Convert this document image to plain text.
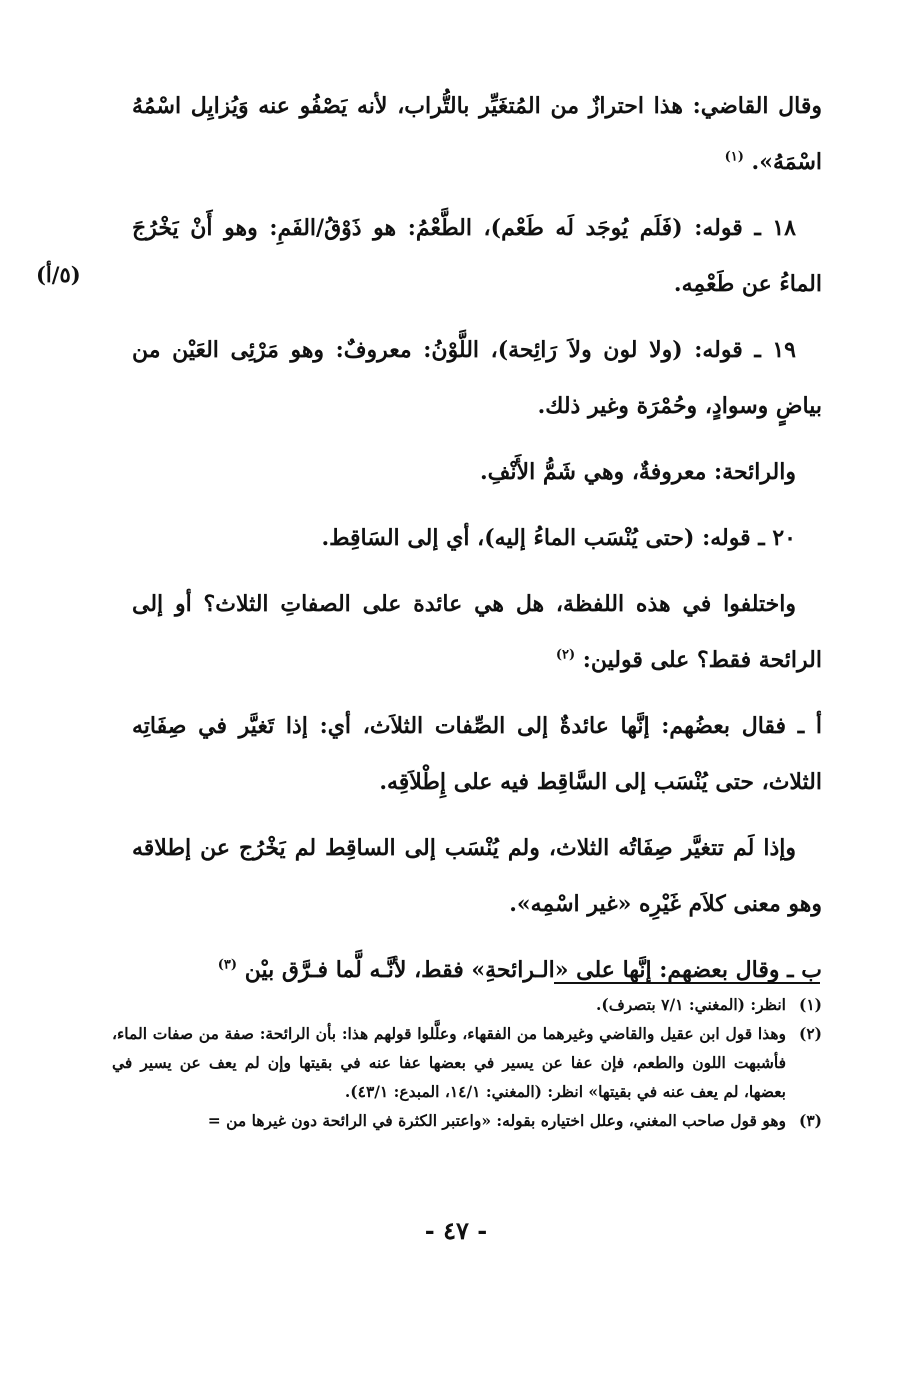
(٥/أ)

وقال القاضي: هذا احترازٌ من المُتغَيِّر بالتُّراب، لأنه يَصْفُو عنه وَيُزايِل اسْمُهُ اسْمَهُ». $^{(١)}$

١٨ ـ قوله: (فَلَم يُوجَد لَه طَعْم)، الطَّعْمُ: هو ذَوْقُ/الفَمِ: وهو أَنْ يَخْرُجَ الماءُ عن طَعْمِه.

١٩ ـ قوله: (ولا لون ولاَ رَائِحة)، اللَّوْنُ: معروفٌ: وهو مَرْئِى العَيْن من بياضٍ وسوادٍ، وحُمْرَة وغير ذلك.

والرائحة: معروفةٌ، وهي شَمُّ الأَنْفِ.

٢٠ ـ قوله: (حتى يُنْسَب الماءُ إليه)، أي إلى السَاقِط.

واختلفوا في هذه اللفظة، هل هي عائدة على الصفاتِ الثلاث؟ أو إلى الرائحة فقط؟ على قولين: $^{(٢)}$

أ ـ فقال بعضُهم: إنَّها عائدةٌ إلى الصِّفات الثلاَث، أي: إذا تَغيَّر في صِفَاتِه الثلاث، حتى يُنْسَب إلى السَّاقِط فيه على إِطْلاَقِه.

وإذا لَم تتغيَّر صِفَاتُه الثلاث، ولم يُنْسَب إلى الساقِط لم يَخْرُج عن إطلاقه وهو معنى كلاَم غَيْرِه «غير اسْمِه».

ب ـ وقال بعضهم: إنَّها على «الـرائحةِ» فقط، لأنَّـه لَّما فـرَّق بيْن $^{(٣)}$

(١)
انظر: (المغني: ٧/١ بتصرف).
(٢)
وهذا قول ابن عقيل والقاضي وغيرهما من الفقهاء، وعلَّلوا قولهم هذا: بأن الرائحة: صفة من صفات الماء، فأشبهت اللون والطعم، فإن عفا عن يسير في بعضها عفا عنه في بقيتها وإن لم يعف عن يسير في بعضها، لم يعف عنه في بقيتها» انظر: (المغني: ١٤/١، المبدع: ٤٣/١).
(٣)
وهو قول صاحب المغني، وعلل اختياره بقوله: «واعتبر الكثرة في الرائحة دون غيرها من =
- ٤٧ -
